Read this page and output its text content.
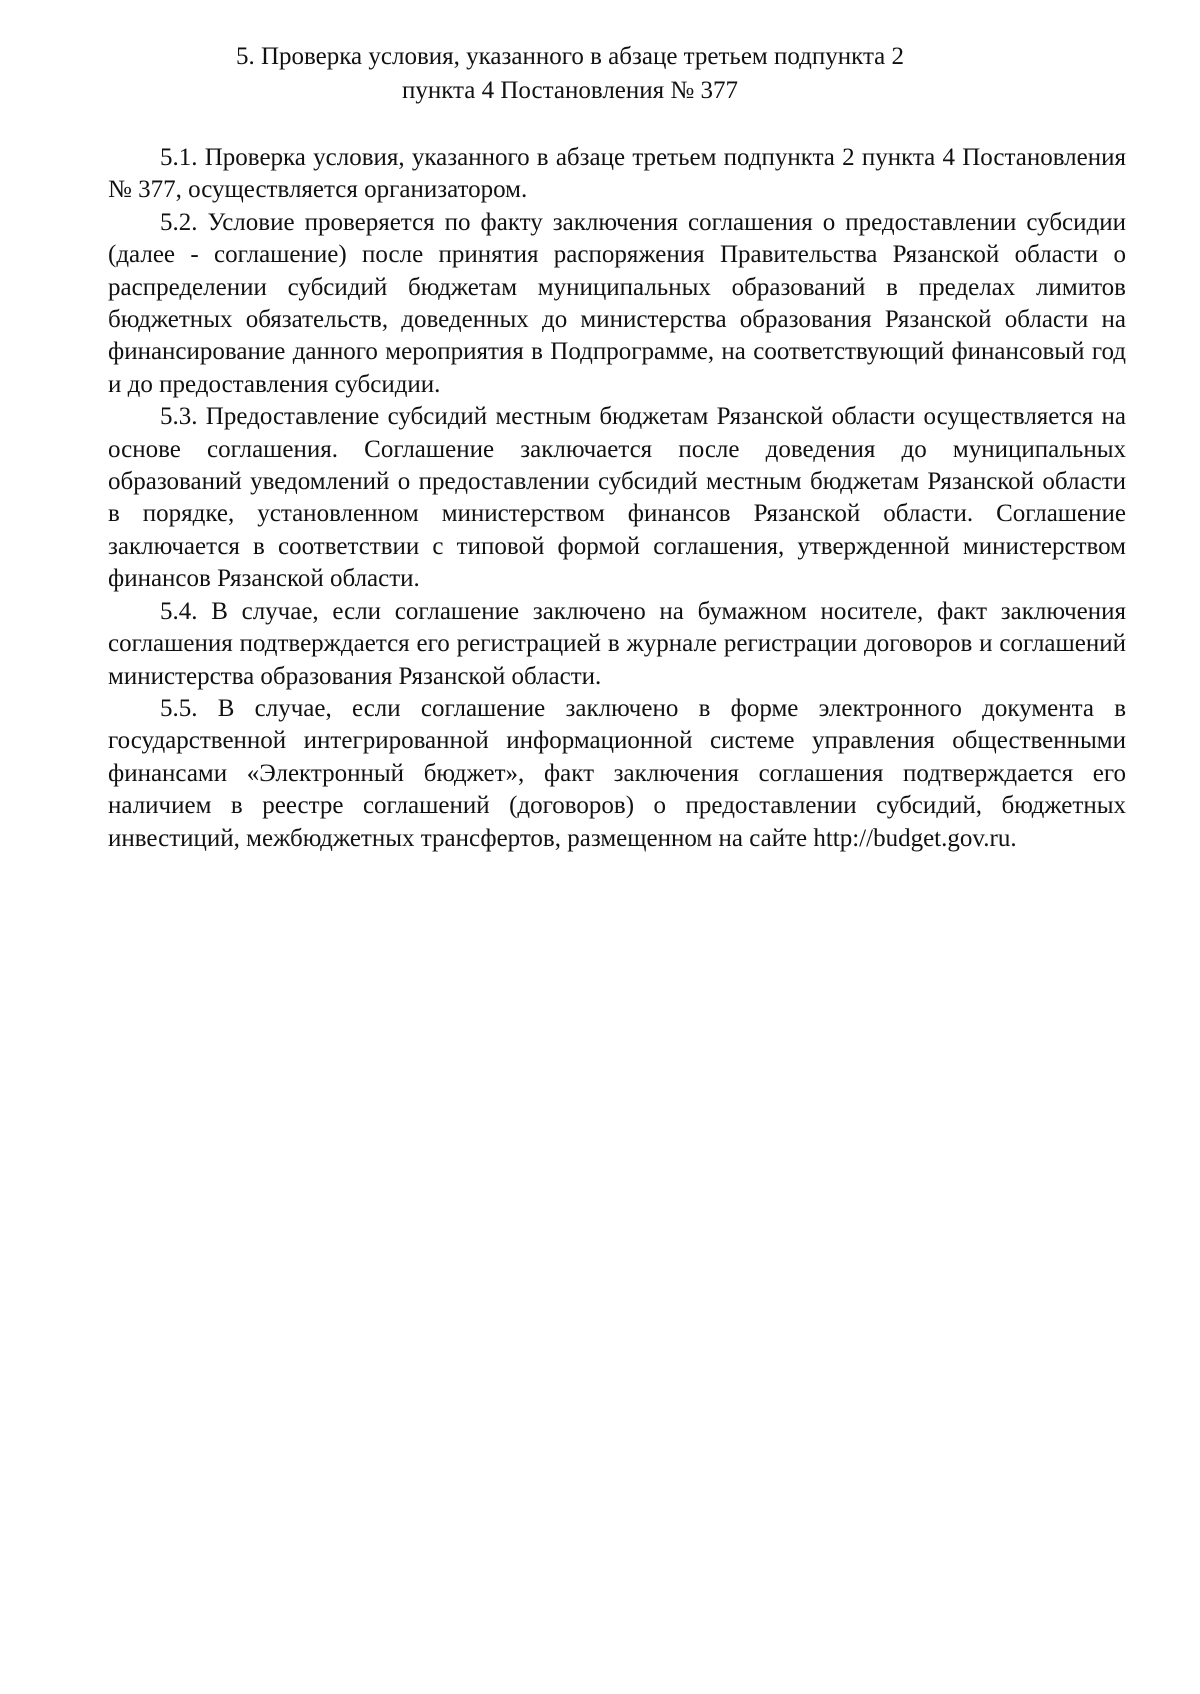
5. Проверка условия, указанного в абзаце третьем подпункта 2
пункта 4 Постановления № 377

5.1. Проверка условия, указанного в абзаце третьем подпункта 2 пункта 4 Постановления № 377, осуществляется организатором.

5.2. Условие проверяется по факту заключения соглашения о предоставлении субсидии (далее - соглашение) после принятия распоряжения Правительства Рязанской области о распределении субсидий бюджетам муниципальных образований в пределах лимитов бюджетных обязательств, доведенных до министерства образования Рязанской области на финансирование данного мероприятия в Подпрограмме, на соответствующий финансовый год и до предоставления субсидии.

5.3. Предоставление субсидий местным бюджетам Рязанской области осуществляется на основе соглашения. Соглашение заключается после доведения до муниципальных образований уведомлений о предоставлении субсидий местным бюджетам Рязанской области в порядке, установленном министерством финансов Рязанской области. Соглашение заключается в соответствии с типовой формой соглашения, утвержденной министерством финансов Рязанской области.

5.4. В случае, если соглашение заключено на бумажном носителе, факт заключения соглашения подтверждается его регистрацией в журнале регистрации договоров и соглашений министерства образования Рязанской области.

5.5. В случае, если соглашение заключено в форме электронного документа в государственной интегрированной информационной системе управления общественными финансами «Электронный бюджет», факт заключения соглашения подтверждается его наличием в реестре соглашений (договоров) о предоставлении субсидий, бюджетных инвестиций, межбюджетных трансфертов, размещенном на сайте http://budget.gov.ru.
